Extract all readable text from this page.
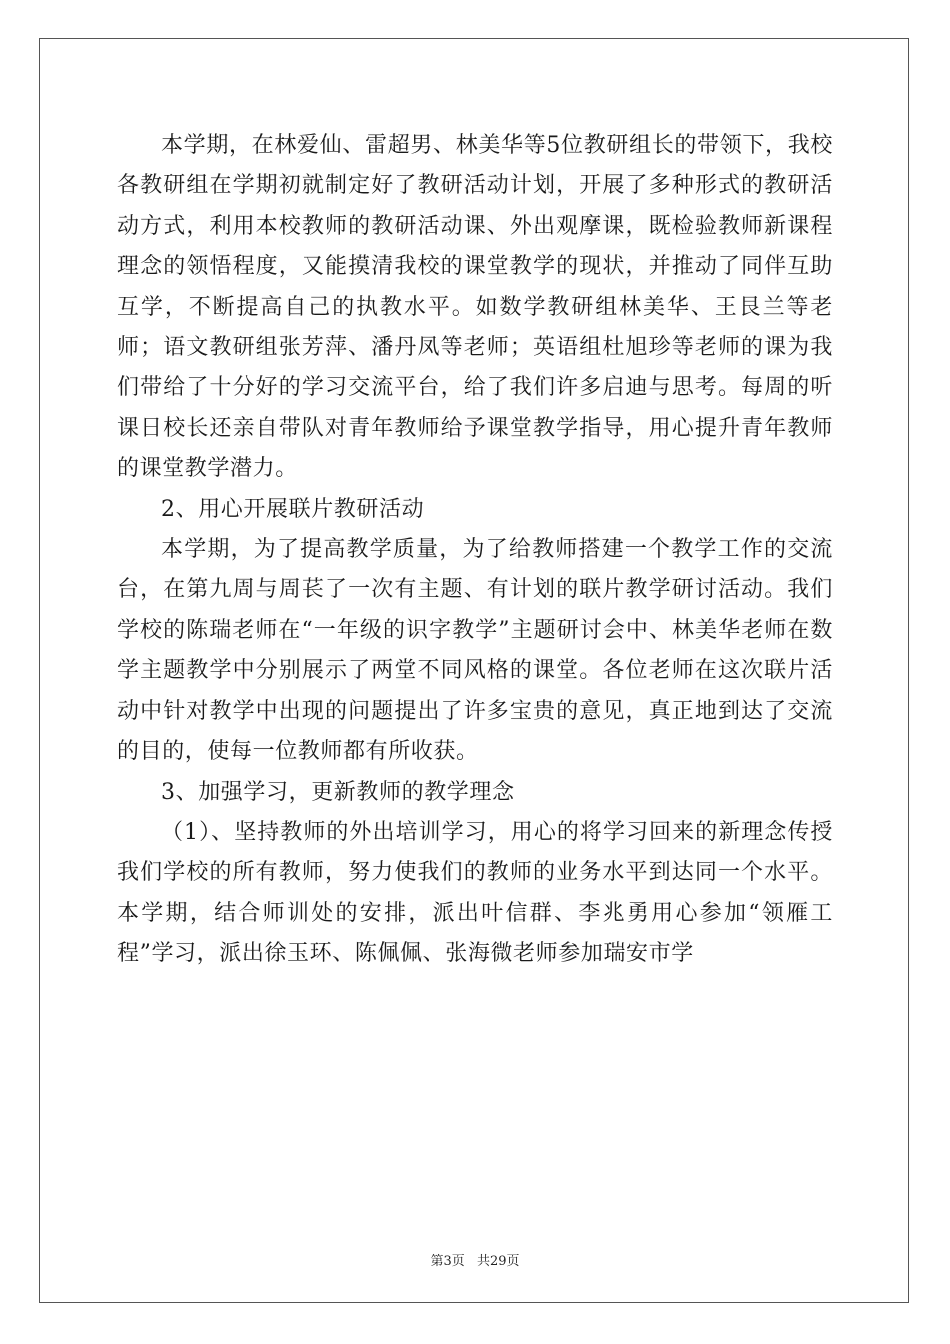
本学期，在林爱仙、雷超男、林美华等5位教研组长的带领下，我校各教研组在学期初就制定好了教研活动计划，开展了多种形式的教研活动方式，利用本校教师的教研活动课、外出观摩课，既检验教师新课程理念的领悟程度，又能摸清我校的课堂教学的现状，并推动了同伴互助互学，不断提高自己的执教水平。如数学教研组林美华、王艮兰等老师；语文教研组张芳萍、潘丹凤等老师；英语组杜旭珍等老师的课为我们带给了十分好的学习交流平台，给了我们许多启迪与思考。每周的听课日校长还亲自带队对青年教师给予课堂教学指导，用心提升青年教师的课堂教学潜力。

2、用心开展联片教研活动

本学期，为了提高教学质量，为了给教师搭建一个教学工作的交流台，在第九周与周苌了一次有主题、有计划的联片教学研讨活动。我们学校的陈瑞老师在“一年级的识字教学”主题研讨会中、林美华老师在数学主题教学中分别展示了两堂不同风格的课堂。各位老师在这次联片活动中针对教学中出现的问题提出了许多宝贵的意见，真正地到达了交流的目的，使每一位教师都有所收获。

3、加强学习，更新教师的教学理念

（1）、坚持教师的外出培训学习，用心的将学习回来的新理念传授我们学校的所有教师，努力使我们的教师的业务水平到达同一个水平。本学期，结合师训处的安排，派出叶信群、李兆勇用心参加“领雁工程”学习，派出徐玉环、陈佩佩、张海微老师参加瑞安市学

第3页 共29页
